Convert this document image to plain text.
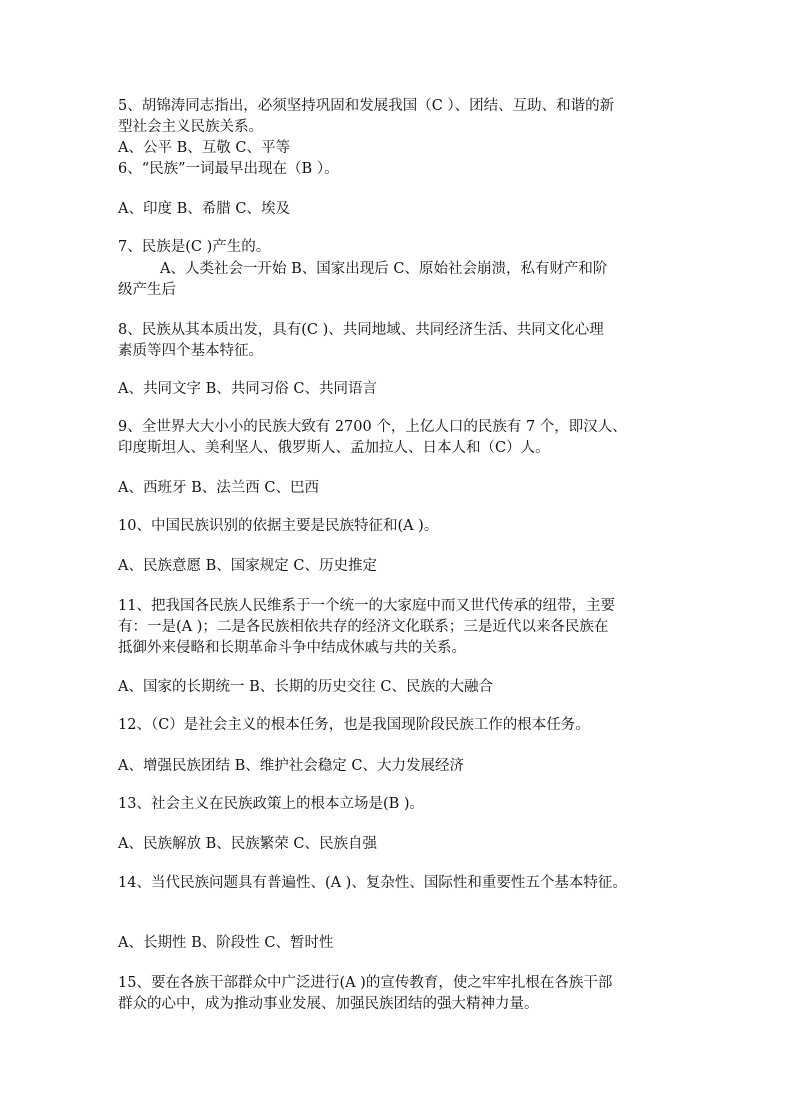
5、胡锦涛同志指出，必须坚持巩固和发展我国（C ）、团结、互助、和谐的新
型社会主义民族关系。
A、公平 B、互敬 C、平等
6、“民族”一词最早出现在（B ）。
A、印度 B、希腊 C、埃及
7、民族是(C )产生的。
A、人类社会一开始 B、国家出现后 C、原始社会崩溃，私有财产和阶
级产生后
8、民族从其本质出发，具有(C )、共同地域、共同经济生活、共同文化心理
素质等四个基本特征。
A、共同文字 B、共同习俗 C、共同语言
9、全世界大大小小的民族大致有 2700 个，上亿人口的民族有 7 个，即汉人、
印度斯坦人、美利坚人、俄罗斯人、孟加拉人、日本人和（C）人。
A、西班牙 B、法兰西 C、巴西
10、中国民族识别的依据主要是民族特征和(A )。
A、民族意愿 B、国家规定 C、历史推定
11、把我国各民族人民维系于一个统一的大家庭中而又世代传承的纽带，主要
有：一是(A )；二是各民族相依共存的经济文化联系；三是近代以来各民族在
抵御外来侵略和长期革命斗争中结成休戚与共的关系。
A、国家的长期统一 B、长期的历史交往 C、民族的大融合
12、（C）是社会主义的根本任务，也是我国现阶段民族工作的根本任务。
A、增强民族团结 B、维护社会稳定 C、大力发展经济
13、社会主义在民族政策上的根本立场是(B )。
A、民族解放 B、民族繁荣 C、民族自强
14、当代民族问题具有普遍性、(A )、复杂性、国际性和重要性五个基本特征。
A、长期性 B、阶段性 C、暂时性
15、要在各族干部群众中广泛进行(A )的宣传教育，使之牢牢扎根在各族干部
群众的心中，成为推动事业发展、加强民族团结的强大精神力量。
